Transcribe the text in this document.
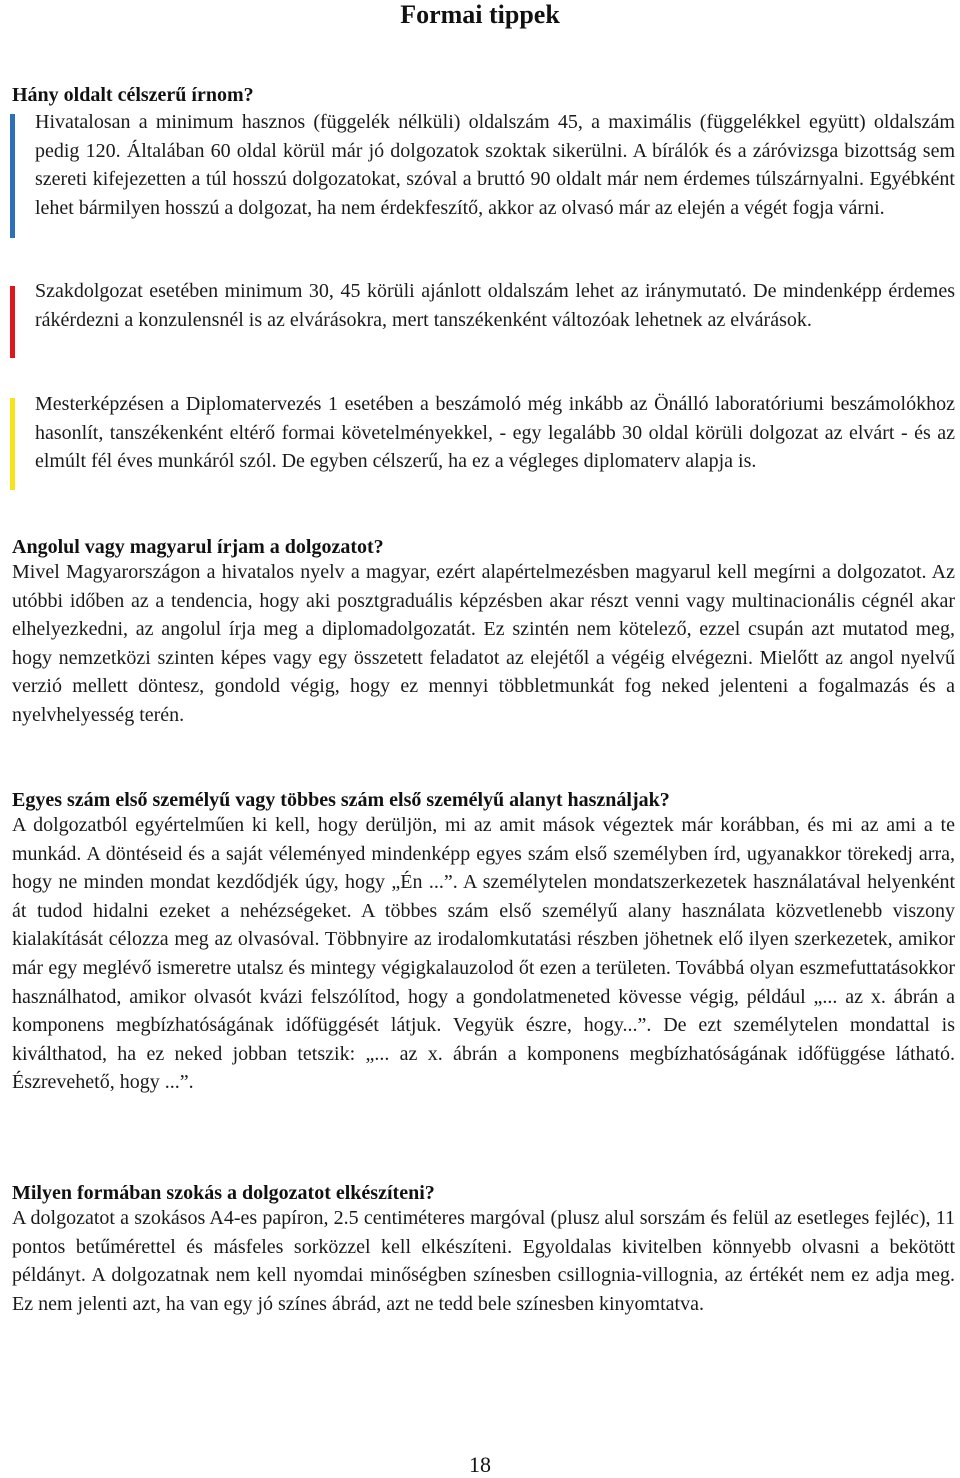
Formai tippek
Hány oldalt célszerű írnom?

Hivatalosan a minimum hasznos (függelék nélküli) oldalszám 45, a maximális (függelékkel együtt) oldalszám pedig 120. Általában 60 oldal körül már jó dolgozatok szoktak sikerülni. A bírálók és a záróvizsga bizottság sem szereti kifejezetten a túl hosszú dolgozatokat, szóval a bruttó 90 oldalt már nem érdemes túlszárnyalni. Egyébként lehet bármilyen hosszú a dolgozat, ha nem érdekfeszítő, akkor az olvasó már az elején a végét fogja várni.

Szakdolgozat esetében minimum 30, 45 körüli ajánlott oldalszám lehet az iránymutató. De mindenképp érdemes rákérdezni a konzulensnél is az elvárásokra, mert tanszékenként változóak lehetnek az elvárások.

Mesterképzésen a Diplomatervezés 1 esetében a beszámoló még inkább az Önálló laboratóriumi beszámolókhoz hasonlít, tanszékenként eltérő formai követelményekkel, - egy legalább 30 oldal körüli dolgozat az elvárt - és az elmúlt fél éves munkáról szól. De egyben célszerű, ha ez a végleges diplomaterv alapja is.

Angolul vagy magyarul írjam a dolgozatot?

Mivel Magyarországon a hivatalos nyelv a magyar, ezért alapértelmezésben magyarul kell megírni a dolgozatot. Az utóbbi időben az a tendencia, hogy aki posztgraduális képzésben akar részt venni vagy multinacionális cégnél akar elhelyezkedni, az angolul írja meg a diplomadolgozatát. Ez szintén nem kötelező, ezzel csupán azt mutatod meg, hogy nemzetközi szinten képes vagy egy összetett feladatot az elejétől a végéig elvégezni. Mielőtt az angol nyelvű verzió mellett döntesz, gondold végig, hogy ez mennyi többletmunkát fog neked jelenteni a fogalmazás és a nyelvhelyesség terén.

Egyes szám első személyű vagy többes szám első személyű alanyt használjak?

A dolgozatból egyértelműen ki kell, hogy derüljön, mi az amit mások végeztek már korábban, és mi az ami a te munkád. A döntéseid és a saját véleményed mindenképp egyes szám első személyben írd, ugyanakkor törekedj arra, hogy ne minden mondat kezdődjék úgy, hogy „Én ...”. A személytelen mondatszerkezetek használatával helyenként át tudod hidalni ezeket a nehézségeket. A többes szám első személyű alany használata közvetlenebb viszony kialakítását célozza meg az olvasóval. Többnyire az irodalomkutatási részben jöhetnek elő ilyen szerkezetek, amikor már egy meglévő ismeretre utalsz és mintegy végigkalauzolod őt ezen a területen. Továbbá olyan eszmefuttatásokkor használhatod, amikor olvasót kvázi felszólítod, hogy a gondolatmeneted kövesse végig, például „... az x. ábrán a komponens megbízhatóságának időfüggését látjuk. Vegyük észre, hogy...”. De ezt személytelen mondattal is kiválthatod, ha ez neked jobban tetszik: „... az x. ábrán a komponens megbízhatóságának időfüggése látható. Észrevehető, hogy ...”.

Milyen formában szokás a dolgozatot elkészíteni?

A dolgozatot a szokásos A4-es papíron, 2.5 centiméteres margóval (plusz alul sorszám és felül az esetleges fejléc), 11 pontos betűmérettel és másfeles sorközzel kell elkészíteni. Egyoldalas kivitelben könnyebb olvasni a bekötött példányt. A dolgozatnak nem kell nyomdai minőségben színesben csillognia-villognia, az értékét nem ez adja meg. Ez nem jelenti azt, ha van egy jó színes ábrád, azt ne tedd bele színesben kinyomtatva.

18
